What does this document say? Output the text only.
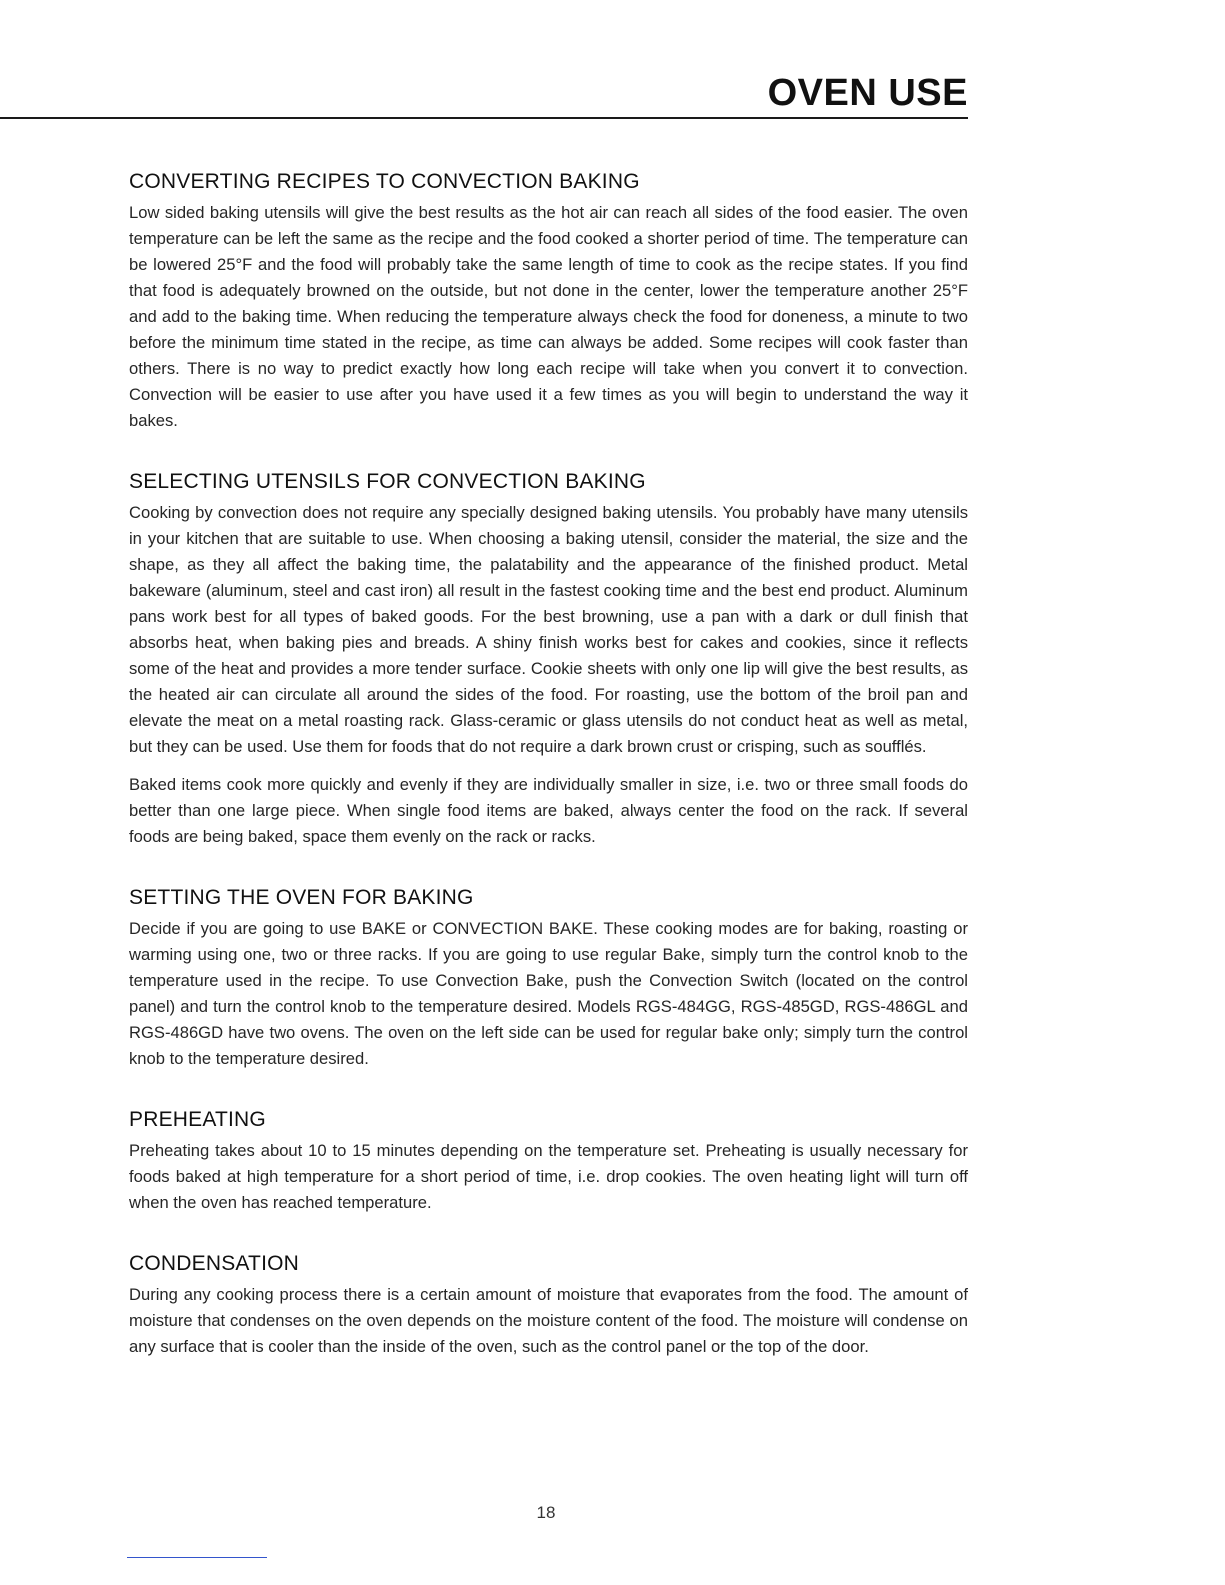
OVEN USE
CONVERTING RECIPES TO CONVECTION BAKING

Low sided baking utensils will give the best results as the hot air can reach all sides of the food easier. The oven temperature can be left the same as the recipe and the food cooked a shorter period of time. The temperature can be lowered 25°F and the food will probably take the same length of time to cook as the recipe states. If you find that food is adequately browned on the outside, but not done in the center, lower the temperature another 25°F and add to the baking time. When reducing the temperature always check the food for doneness, a minute to two before the minimum time stated in the recipe, as time can always be added. Some recipes will cook faster than others. There is no way to predict exactly how long each recipe will take when you convert it to convection. Convection will be easier to use after you have used it a few times as you will begin to understand the way it bakes.

SELECTING UTENSILS FOR CONVECTION BAKING

Cooking by convection does not require any specially designed baking utensils. You probably have many utensils in your kitchen that are suitable to use. When choosing a baking utensil, consider the material, the size and the shape, as they all affect the baking time, the palatability and the appearance of the finished product. Metal bakeware (aluminum, steel and cast iron) all result in the fastest cooking time and the best end product. Aluminum pans work best for all types of baked goods. For the best browning, use a pan with a dark or dull finish that absorbs heat, when baking pies and breads. A shiny finish works best for cakes and cookies, since it reflects some of the heat and provides a more tender surface. Cookie sheets with only one lip will give the best results, as the heated air can circulate all around the sides of the food. For roasting, use the bottom of the broil pan and elevate the meat on a metal roasting rack. Glass-ceramic or glass utensils do not conduct heat as well as metal, but they can be used. Use them for foods that do not require a dark brown crust or crisping, such as soufflés.

Baked items cook more quickly and evenly if they are individually smaller in size, i.e. two or three small foods do better than one large piece. When single food items are baked, always center the food on the rack. If several foods are being baked, space them evenly on the rack or racks.

SETTING THE OVEN FOR BAKING

Decide if you are going to use BAKE or CONVECTION BAKE. These cooking modes are for baking, roasting or warming using one, two or three racks. If you are going to use regular Bake, simply turn the control knob to the temperature used in the recipe. To use Convection Bake, push the Convection Switch (located on the control panel) and turn the control knob to the temperature desired. Models RGS-484GG, RGS-485GD, RGS-486GL and RGS-486GD have two ovens. The oven on the left side can be used for regular bake only; simply turn the control knob to the temperature desired.

PREHEATING

Preheating takes about 10 to 15 minutes depending on the temperature set. Preheating is usually necessary for foods baked at high temperature for a short period of time, i.e. drop cookies. The oven heating light will turn off when the oven has reached temperature.

CONDENSATION

During any cooking process there is a certain amount of moisture that evaporates from the food. The amount of moisture that condenses on the oven depends on the moisture content of the food. The moisture will condense on any surface that is cooler than the inside of the oven, such as the control panel or the top of the door.

18
